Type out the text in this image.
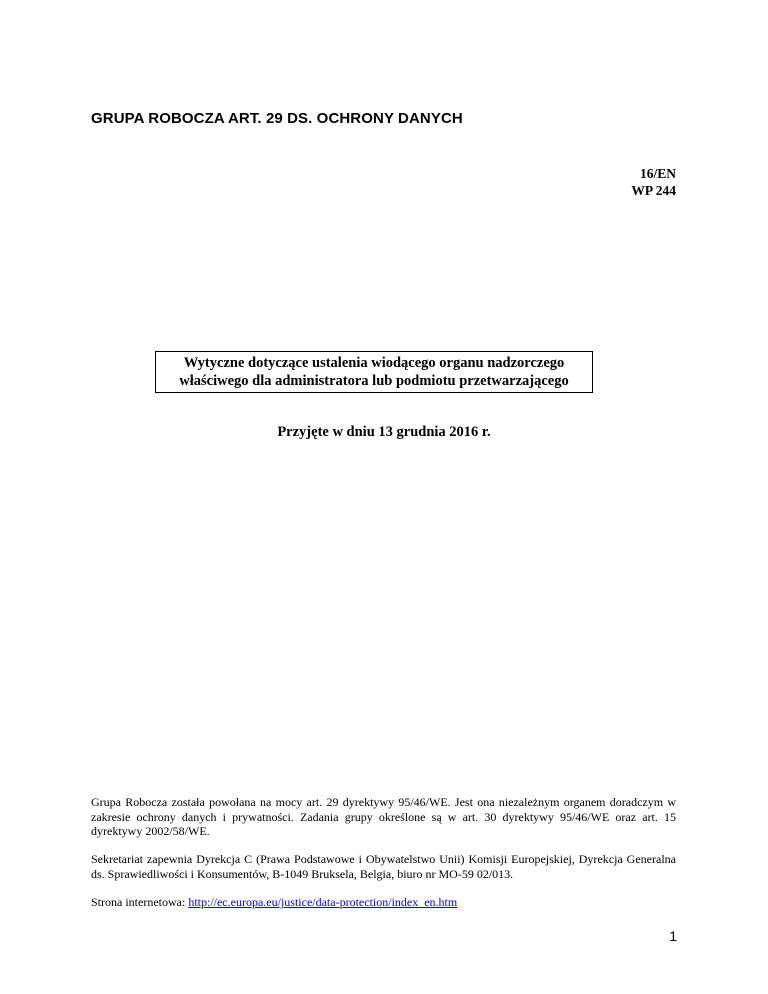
GRUPA ROBOCZA ART. 29 DS. OCHRONY DANYCH
16/EN
WP 244
Wytyczne dotyczące ustalenia wiodącego organu nadzorczego
właściwego dla administratora lub podmiotu przetwarzającego
Przyjęte w dniu 13 grudnia 2016 r.
Grupa Robocza została powołana na mocy art. 29 dyrektywy 95/46/WE. Jest ona niezależnym organem doradczym w zakresie ochrony danych i prywatności. Zadania grupy określone są w art. 30 dyrektywy 95/46/WE oraz art. 15 dyrektywy 2002/58/WE.
Sekretariat zapewnia Dyrekcja C (Prawa Podstawowe i Obywatelstwo Unii) Komisji Europejskiej, Dyrekcja Generalna ds. Sprawiedliwości i Konsumentów, B-1049 Bruksela, Belgia, biuro nr MO-59 02/013.
Strona internetowa: http://ec.europa.eu/justice/data-protection/index_en.htm
1
